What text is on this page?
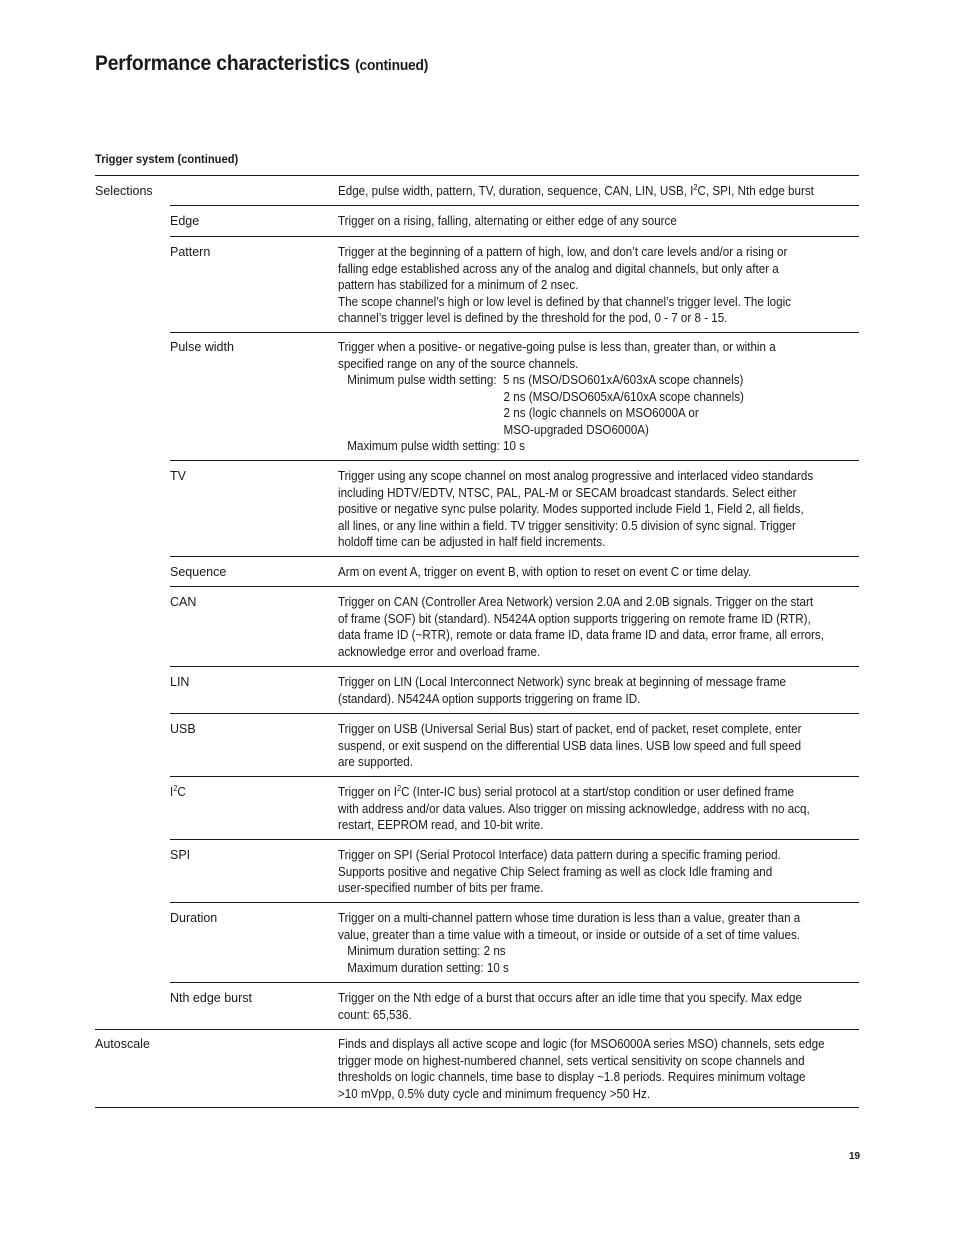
Performance characteristics (continued)
Trigger system (continued)
Selections	Edge, pulse width, pattern, TV, duration, sequence, CAN, LIN, USB, $I^2C$, SPI, Nth edge burst
Edge	Trigger on a rising, falling, alternating or either edge of any source
Pattern	Trigger at the beginning of a pattern of high, low, and don’t care levels and/or a rising or
falling edge established across any of the analog and digital channels, but only after a
pattern has stabilized for a minimum of 2 nsec.
The scope channel’s high or low level is defined by that channel’s trigger level. The logic
channel’s trigger level is defined by the threshold for the pod, 0 - 7 or 8 - 15.
Pulse width	Trigger when a positive- or negative-going pulse is less than, greater than, or within a
specified range on any of the source channels.
Minimum pulse width setting: 5 ns (MSO/DSO601xA/603xA scope channels)
2 ns (MSO/DSO605xA/610xA scope channels)
2 ns (logic channels on MSO6000A or
MSO-upgraded DSO6000A)
Maximum pulse width setting: 10 s
TV	Trigger using any scope channel on most analog progressive and interlaced video standards
including HDTV/EDTV, NTSC, PAL, PAL-M or SECAM broadcast standards. Select either
positive or negative sync pulse polarity. Modes supported include Field 1, Field 2, all fields,
all lines, or any line within a field. TV trigger sensitivity: 0.5 division of sync signal. Trigger
holdoff time can be adjusted in half field increments.
Sequence	Arm on event A, trigger on event B, with option to reset on event C or time delay.
CAN	Trigger on CAN (Controller Area Network) version 2.0A and 2.0B signals. Trigger on the start
of frame (SOF) bit (standard). N5424A option supports triggering on remote frame ID (RTR),
data frame ID (~RTR), remote or data frame ID, data frame ID and data, error frame, all errors,
acknowledge error and overload frame.
LIN	Trigger on LIN (Local Interconnect Network) sync break at beginning of message frame
(standard). N5424A option supports triggering on frame ID.
USB	Trigger on USB (Universal Serial Bus) start of packet, end of packet, reset complete, enter
suspend, or exit suspend on the differential USB data lines. USB low speed and full speed
are supported.
$I^2C$	Trigger on $I^2C$ (Inter-IC bus) serial protocol at a start/stop condition or user defined frame
with address and/or data values. Also trigger on missing acknowledge, address with no acq,
restart, EEPROM read, and 10-bit write.
SPI	Trigger on SPI (Serial Protocol Interface) data pattern during a specific framing period.
Supports positive and negative Chip Select framing as well as clock Idle framing and
user-specified number of bits per frame.
Duration	Trigger on a multi-channel pattern whose time duration is less than a value, greater than a
value, greater than a time value with a timeout, or inside or outside of a set of time values.
Minimum duration setting: 2 ns
Maximum duration setting: 10 s
Nth edge burst	Trigger on the Nth edge of a burst that occurs after an idle time that you specify. Max edge
count: 65,536.
Autoscale	Finds and displays all active scope and logic (for MSO6000A series MSO) channels, sets edge
trigger mode on highest-numbered channel, sets vertical sensitivity on scope channels and
thresholds on logic channels, time base to display ~1.8 periods. Requires minimum voltage
>10 mVpp, 0.5% duty cycle and minimum frequency >50 Hz.
19
